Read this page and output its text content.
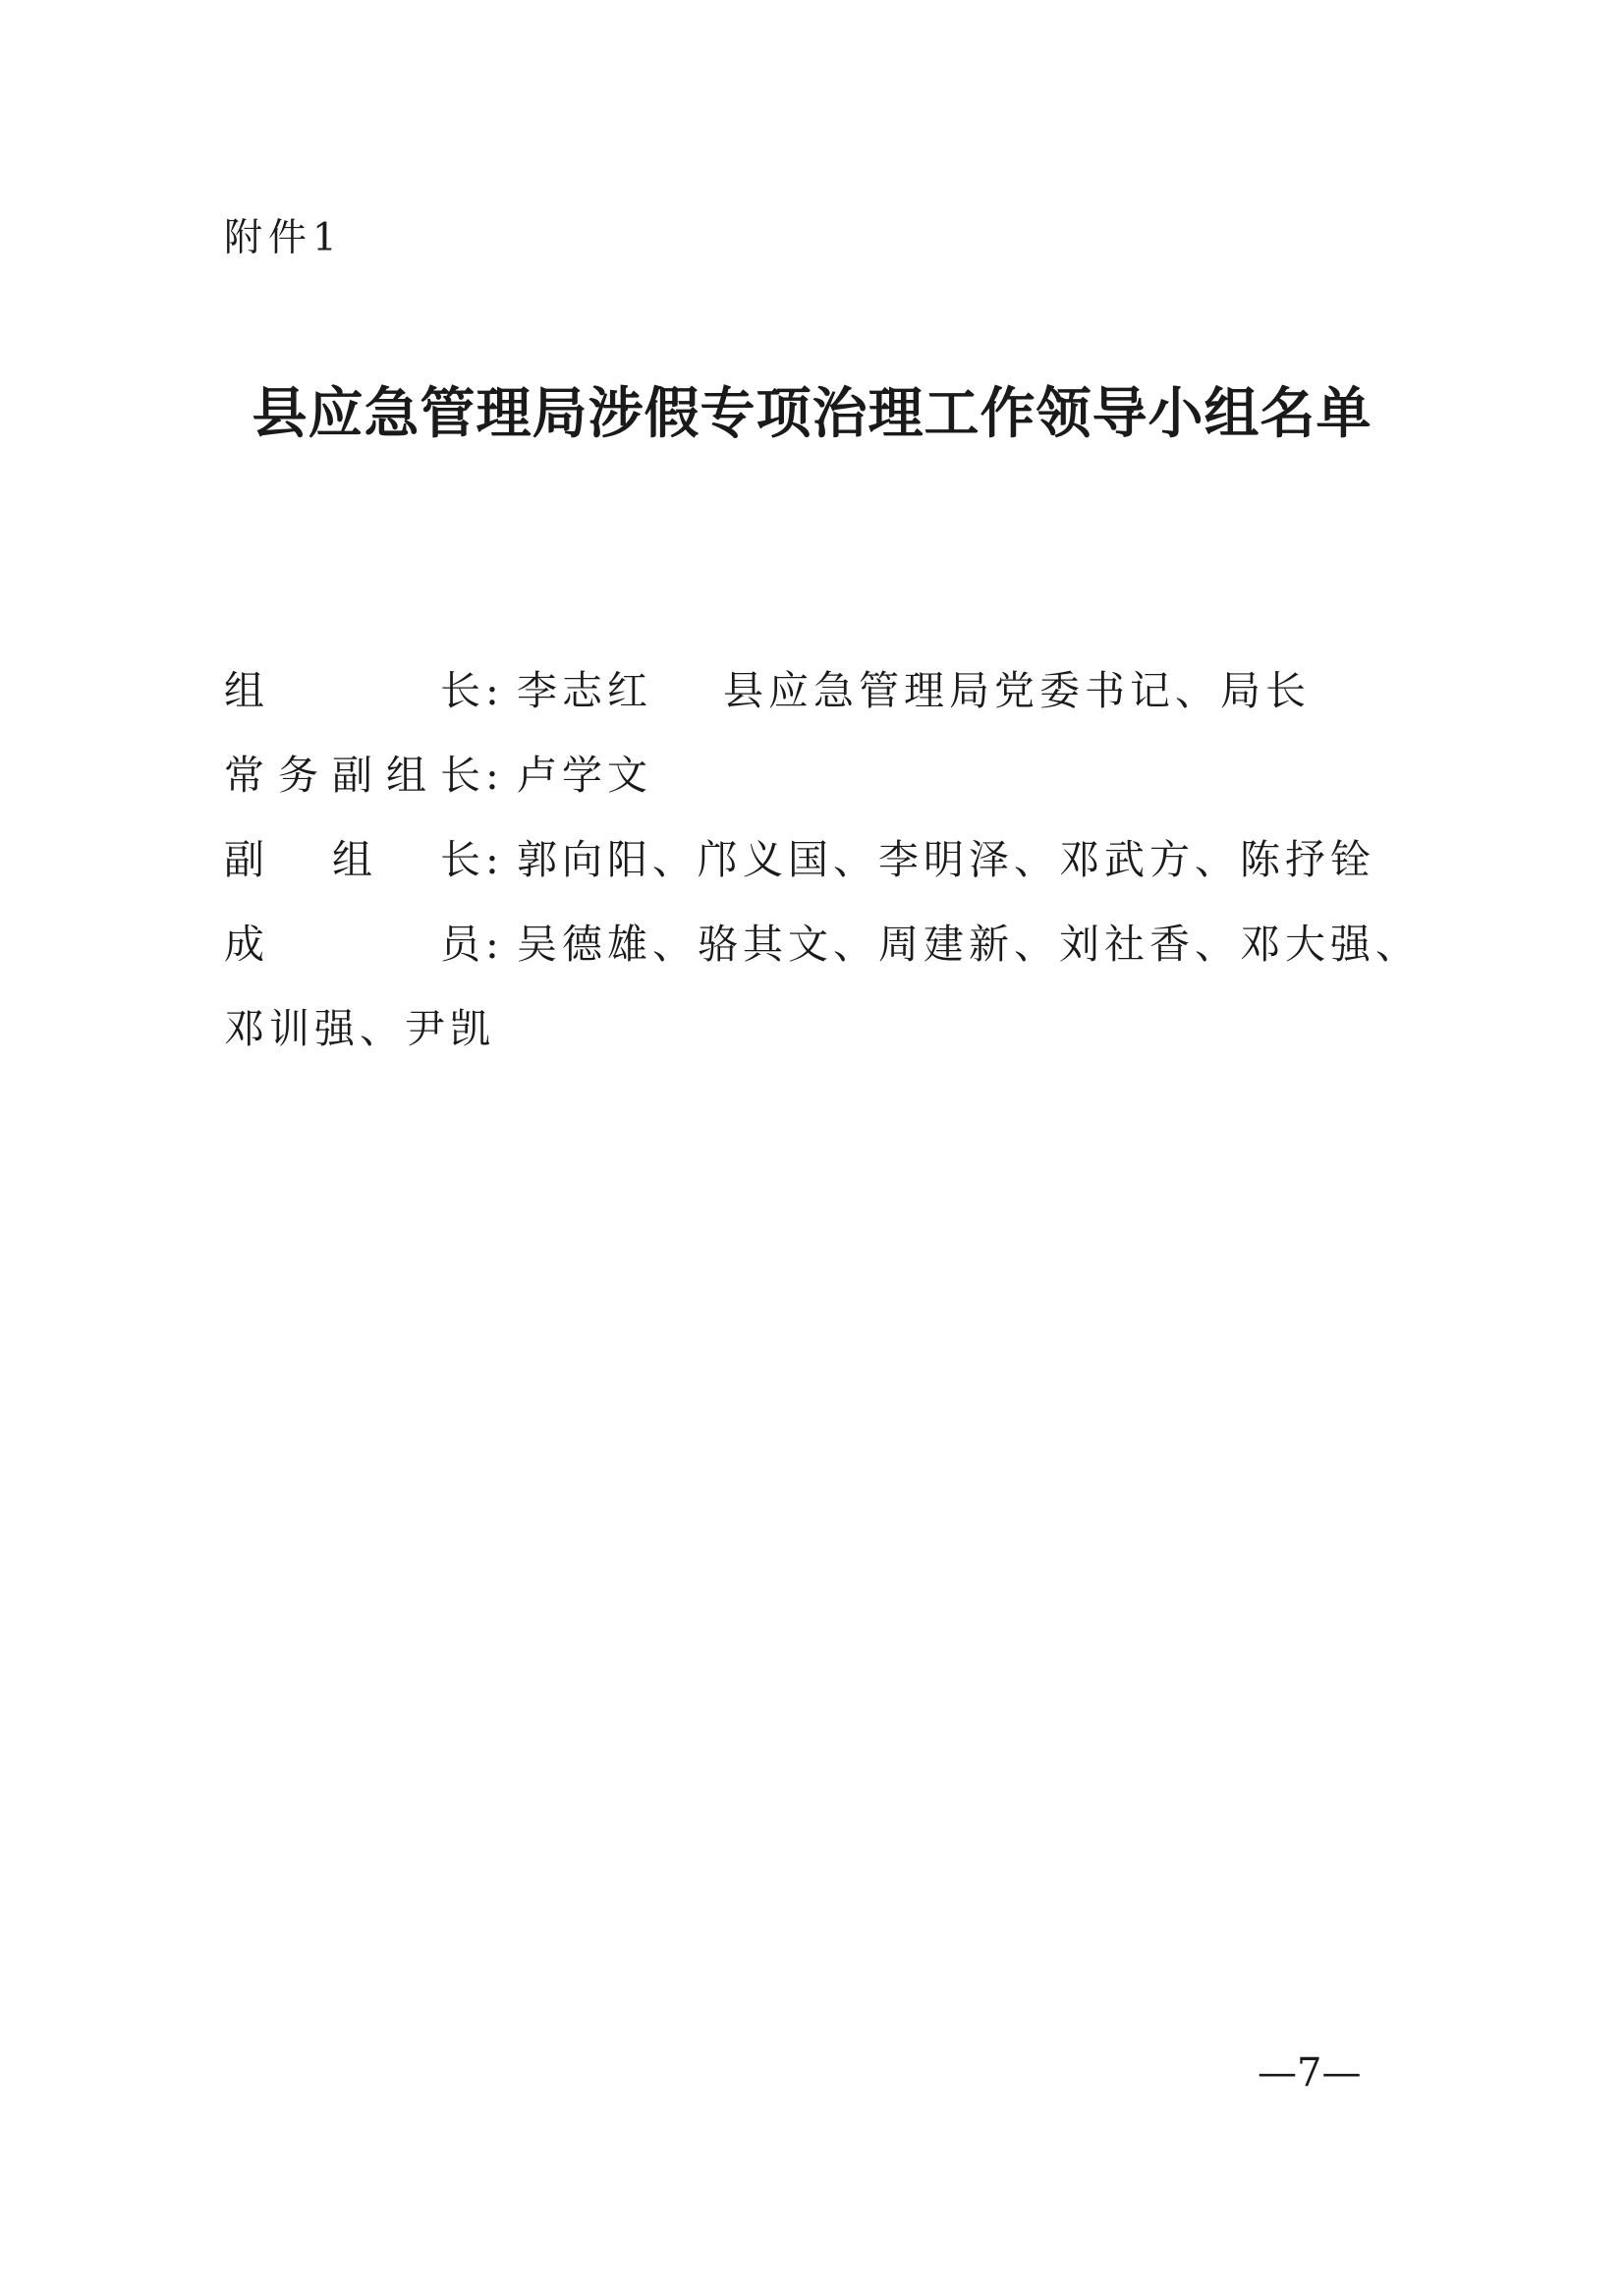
附件1
县应急管理局涉假专项治理工作领导小组名单
组长: 李志红 县应急管理局党委书记、局长
常务副组长: 卢学文
副组长: 郭向阳、邝义国、李明泽、邓武方、陈抒铨
成员: 吴德雄、骆其文、周建新、刘社香、邓大强、
邓训强、尹凯
—7—
